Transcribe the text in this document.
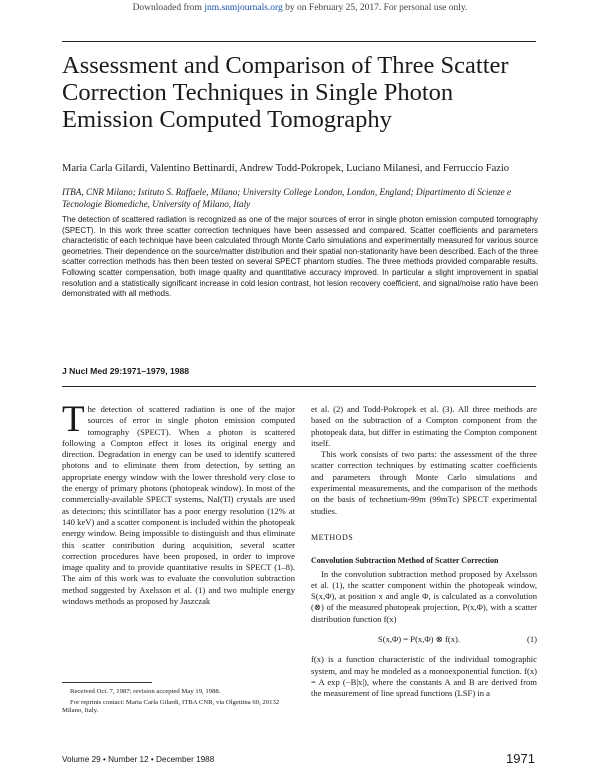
Downloaded from jnm.snmjournals.org by on February 25, 2017. For personal use only.
Assessment and Comparison of Three Scatter Correction Techniques in Single Photon Emission Computed Tomography
Maria Carla Gilardi, Valentino Bettinardi, Andrew Todd-Pokropek, Luciano Milanesi, and Ferruccio Fazio
ITBA, CNR Milano; Istituto S. Raffaele, Milano; University College London, London, England; Dipartimento di Scienze e Tecnologie Biomediche, University of Milano, Italy
The detection of scattered radiation is recognized as one of the major sources of error in single photon emission computed tomography (SPECT). In this work three scatter correction techniques have been assessed and compared. Scatter coefficients and parameters characteristic of each technique have been calculated through Monte Carlo simulations and experimentally measured for various source geometries. Their dependence on the source/matter distribution and their spatial non-stationarity have been described. Each of the three scatter correction methods has then been tested on several SPECT phantom studies. The three methods provided comparable results. Following scatter compensation, both image quality and quantitative accuracy improved. In particular a slight improvement in spatial resolution and a statistically significant increase in cold lesion contrast, hot lesion recovery coefficient, and signal/noise ratio have been demonstrated with all methods.
J Nucl Med 29:1971–1979, 1988

The detection of scattered radiation is one of the major sources of error in single photon emission computed tomography (SPECT). When a photon is scattered following a Compton effect it loses its original energy and direction. Degradation in energy can be used to identify scattered photons and to eliminate them from detection, by setting an appropriate energy window with the lower threshold very close to the energy of primary photons (photopeak window). In most of the commercially-available SPECT systems, NaI(Tl) crystals are used as detectors; this scintillator has a poor energy resolution (12% at 140 keV) and a scatter component is included within the photopeak energy window. Being impossible to distinguish and thus eliminate this scatter contribution during acquisition, several scatter correction procedures have been proposed, in order to improve image quality and to provide quantitative results in SPECT (1–8). The aim of this work was to evaluate the convolution subtraction method suggested by Axelsson et al. (1) and two multiple energy windows methods as proposed by Jaszczak

et al. (2) and Todd-Pokropek et al. (3). All three methods are based on the subtraction of a Compton component from the photopeak data, but differ in estimating the Compton component itself.

This work consists of two parts: the assessment of the three scatter correction techniques by estimating scatter coefficients and parameters through Monte Carlo simulations and experimental measurements, and the comparison of the methods on the basis of technetium-99m (99mTc) SPECT experimental studies.

METHODS
Convolution Subtraction Method of Scatter Correction

In the convolution subtraction method proposed by Axelsson et al. (1), the scatter component within the photopeak window, S(x,Φ), at position x and angle Φ, is calculated as a convolution (⊗) of the measured photopeak projection, P(x,Φ), with a scatter distribution function f(x)

S(x,Φ) = P(x,Φ) ⊗ f(x).	(1)

f(x) is a function characteristic of the individual tomographic system, and may be modeled as a monoexponential function. f(x) = A exp (−B|x|), where the constants A and B are derived from the measurement of line spread functions (LSF) in a

Received Oct. 7, 1987; revision accepted May 19, 1988.

For reprints contact: Maria Carla Gilardi, ITBA CNR, via Olgettina 60, 20132 Milano, Italy.

Volume 29 • Number 12 • December 1988	1971
